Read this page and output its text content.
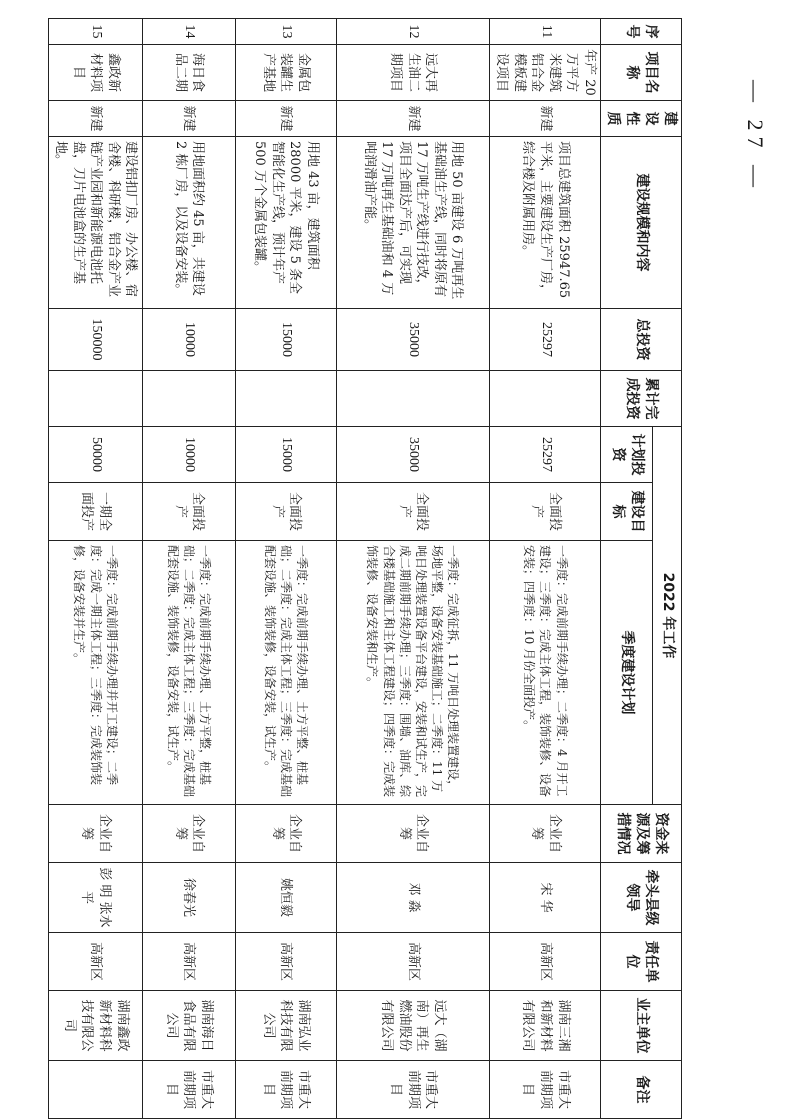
— 27 —
序号	项目名称	建设性质	建设规模和内容	总投资	累计完成投资	2022 年工作			资金来源及筹措情况	牵头县级领导	责任单位	业主单位	备注
						计划投资	建设目标	季度建设计划					
11	年产 20 万平方米建筑铝合金模板建设项目	新建	项目总建筑面积 25947.65 平米，主要建设生产厂房，综合楼及附属用房。	25297		25297	全面投产	一季度：完成前期手续办理；二季度：4 月开工建设；三季度：完成主体工程，装饰装修、设备安装；四季度：10 月份全面投产。	企业自筹	宋 华	高新区	湖南三湘和新材料有限公司	市重大前期项目
12	远大再生油二期项目	新建	用地 50 亩建设 6 万吨再生基础油生产线，同时将原有 17 万吨生产线进行技改，项目全面达产后，可实现 17 万吨再生基础油和 4 万吨润滑油产能。	35000		35000	全面投产	一季度：完成征拆，11 万吨日处理装置建设，场地平整，设备安装基础施工；二季度：11 万吨日处理装置设备平台建设，安装和试生产，完成二期前期手续办理；三季度：围墙、油库、综合楼基础施工和主体工程建设；四季度：完成装饰装修、设备安装和生产。	企业自筹	邓 淼	高新区	远大（湖南）再生燃油股份有限公司	市重大前期项目
13	金属包装罐生产基地	新建	用地 43 亩，建筑面积 28000 平米，建设 5 条全智能化生产线，预计年产 500 万个金属包装罐。	15000		15000	全面投产	一季度：完成前期手续办理、土方平整、桩基础；二季度：完成主体工程；三季度：完成基础配套设施、装饰装修，设备安装，试生产。	企业自筹	姚恒毅	高新区	湖南弘业科技有限公司	市重大前期项目
14	海日食品二期	新建	用地面积约 45 亩，共建设 2 栋厂房，以及设备安装。	10000		10000	全面投产	一季度：完成前期手续办理、土方平整，桩基础；二季度：完成主体工程；三季度：完成基础配套设施、装饰装修，设备安装，试生产。	企业自筹	徐春光	高新区	湖南海日食品有限公司	市重大前期项目
15	鑫政新材料项目	新建	建设铝扣厂房、办公楼、宿舍楼、科研楼，铝合金产业链产业园和新能源电池托盘，刀片电池盒的生产基地。	150000		50000	一期全面投产	一季度：完成前期手续办理并开工建设；二季度：完成一期主体工程；三季度：完成装饰装修，设备安装并生产。	企业自筹	彭 明 张水平	高新区	湖南鑫政新材料科技有限公司	
